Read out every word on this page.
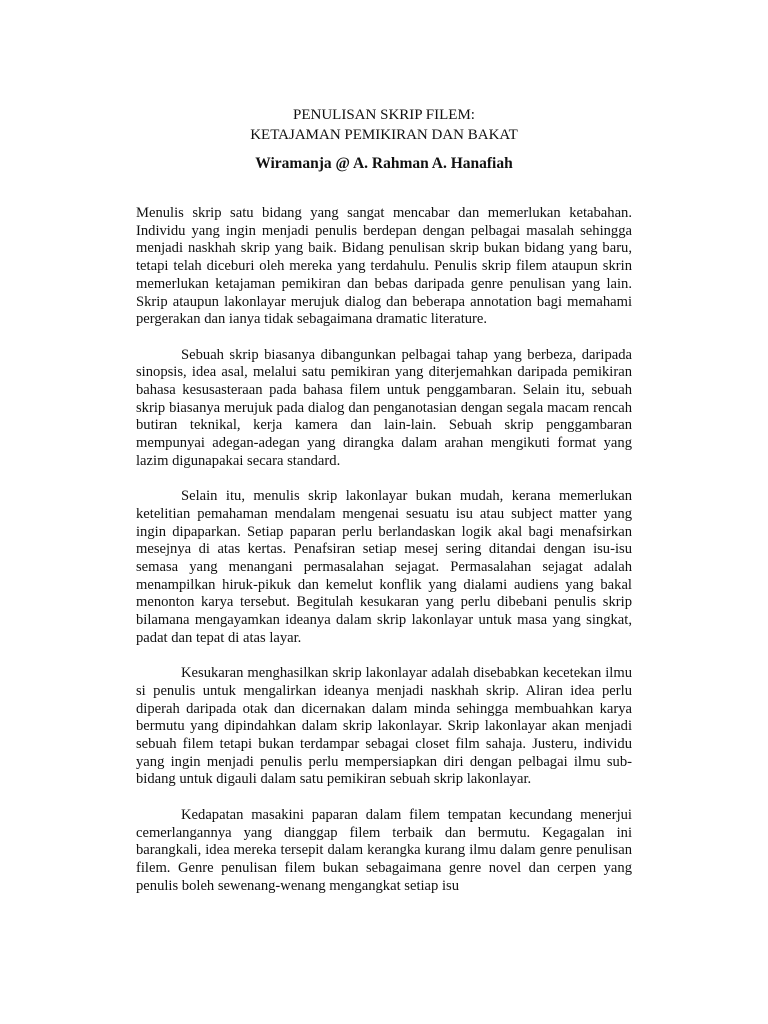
PENULISAN SKRIP FILEM:
KETAJAMAN PEMIKIRAN DAN BAKAT
Wiramanja @ A. Rahman A. Hanafiah

Menulis skrip satu bidang yang sangat mencabar dan memerlukan ketabahan. Individu yang ingin menjadi penulis berdepan dengan pelbagai masalah sehingga menjadi naskhah skrip yang baik. Bidang penulisan skrip bukan bidang yang baru, tetapi telah diceburi oleh mereka yang terdahulu. Penulis skrip filem ataupun skrin memerlukan ketajaman pemikiran dan bebas daripada genre penulisan yang lain. Skrip ataupun lakonlayar merujuk dialog dan beberapa annotation bagi memahami pergerakan dan ianya tidak sebagaimana dramatic literature.

Sebuah skrip biasanya dibangunkan pelbagai tahap yang berbeza, daripada sinopsis, idea asal, melalui satu pemikiran yang diterjemahkan daripada pemikiran bahasa kesusasteraan pada bahasa filem untuk penggambaran. Selain itu, sebuah skrip biasanya merujuk pada dialog dan penganotasian dengan segala macam rencah butiran teknikal, kerja kamera dan lain-lain. Sebuah skrip penggambaran mempunyai adegan-adegan yang dirangka dalam arahan mengikuti format yang lazim digunapakai secara standard.

Selain itu, menulis skrip lakonlayar bukan mudah, kerana memerlukan ketelitian pemahaman mendalam mengenai sesuatu isu atau subject matter yang ingin dipaparkan. Setiap paparan perlu berlandaskan logik akal bagi menafsirkan mesejnya di atas kertas. Penafsiran setiap mesej sering ditandai dengan isu-isu semasa yang menangani permasalahan sejagat. Permasalahan sejagat adalah menampilkan hiruk-pikuk dan kemelut konflik yang dialami audiens yang bakal menonton karya tersebut. Begitulah kesukaran yang perlu dibebani penulis skrip bilamana mengayamkan ideanya dalam skrip lakonlayar untuk masa yang singkat, padat dan tepat di atas layar.

Kesukaran menghasilkan skrip lakonlayar adalah disebabkan kecetekan ilmu si penulis untuk mengalirkan ideanya menjadi naskhah skrip. Aliran idea perlu diperah daripada otak dan dicernakan dalam minda sehingga membuahkan karya bermutu yang dipindahkan dalam skrip lakonlayar. Skrip lakonlayar akan menjadi sebuah filem tetapi bukan terdampar sebagai closet film sahaja. Justeru, individu yang ingin menjadi penulis perlu mempersiapkan diri dengan pelbagai ilmu sub-bidang untuk digauli dalam satu pemikiran sebuah skrip lakonlayar.

Kedapatan masakini paparan dalam filem tempatan kecundang menerjui cemerlangannya yang dianggap filem terbaik dan bermutu. Kegagalan ini barangkali, idea mereka tersepit dalam kerangka kurang ilmu dalam genre penulisan filem. Genre penulisan filem bukan sebagaimana genre novel dan cerpen yang penulis boleh sewenang-wenang mengangkat setiap isu
